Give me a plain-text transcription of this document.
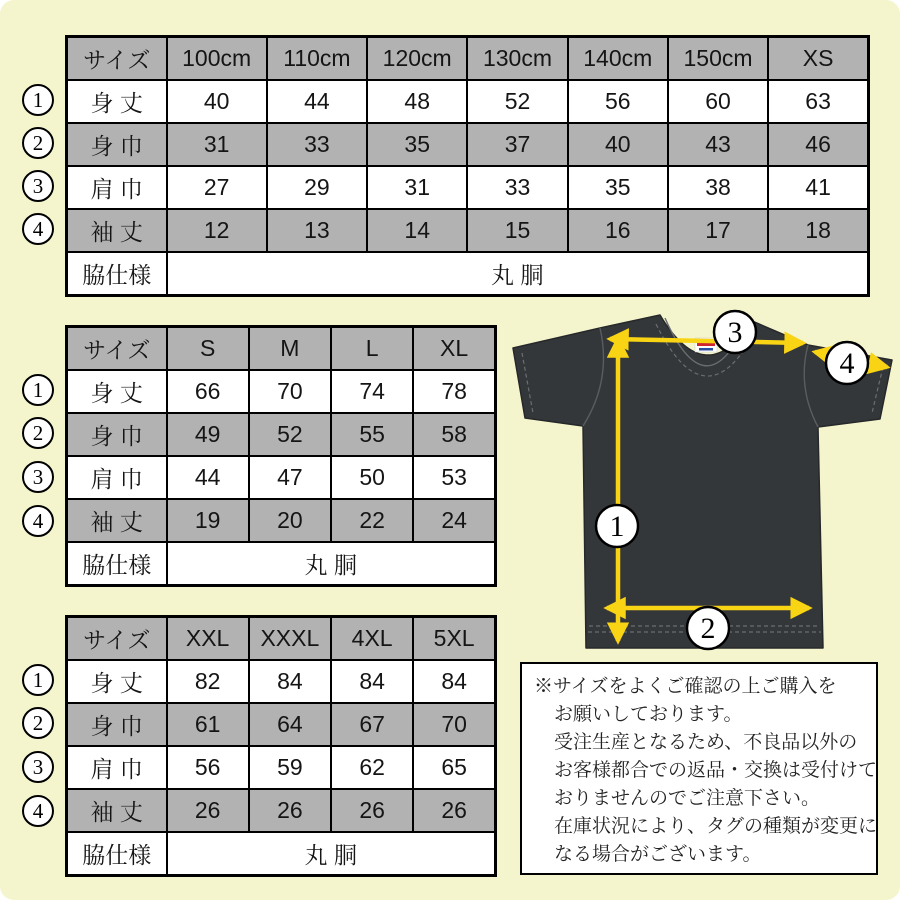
サイズ	100cm	110cm	120cm	130cm	140cm	150cm	XS
身 丈	40	44	48	52	56	60	63
身 巾	31	33	35	37	40	43	46
肩 巾	27	29	31	33	35	38	41
袖 丈	12	13	14	15	16	17	18
脇仕様	丸 胴						
1
2
3
4
サイズ	S	M	L	XL
身 丈	66	70	74	78
身 巾	49	52	55	58
肩 巾	44	47	50	53
袖 丈	19	20	22	24
脇仕様	丸 胴			
1
2
3
4
サイズ	XXL	XXXL	4XL	5XL
身 丈	82	84	84	84
身 巾	61	64	67	70
肩 巾	56	59	62	65
袖 丈	26	26	26	26
脇仕様	丸 胴			
1
2
3
4
3
4
1
2
※サイズをよくご確認の上ご購入を
お願いしております。
受注生産となるため、不良品以外の
お客様都合での返品・交換は受付けて
おりませんのでご注意下さい。
在庫状況により、タグの種類が変更に
なる場合がございます。
